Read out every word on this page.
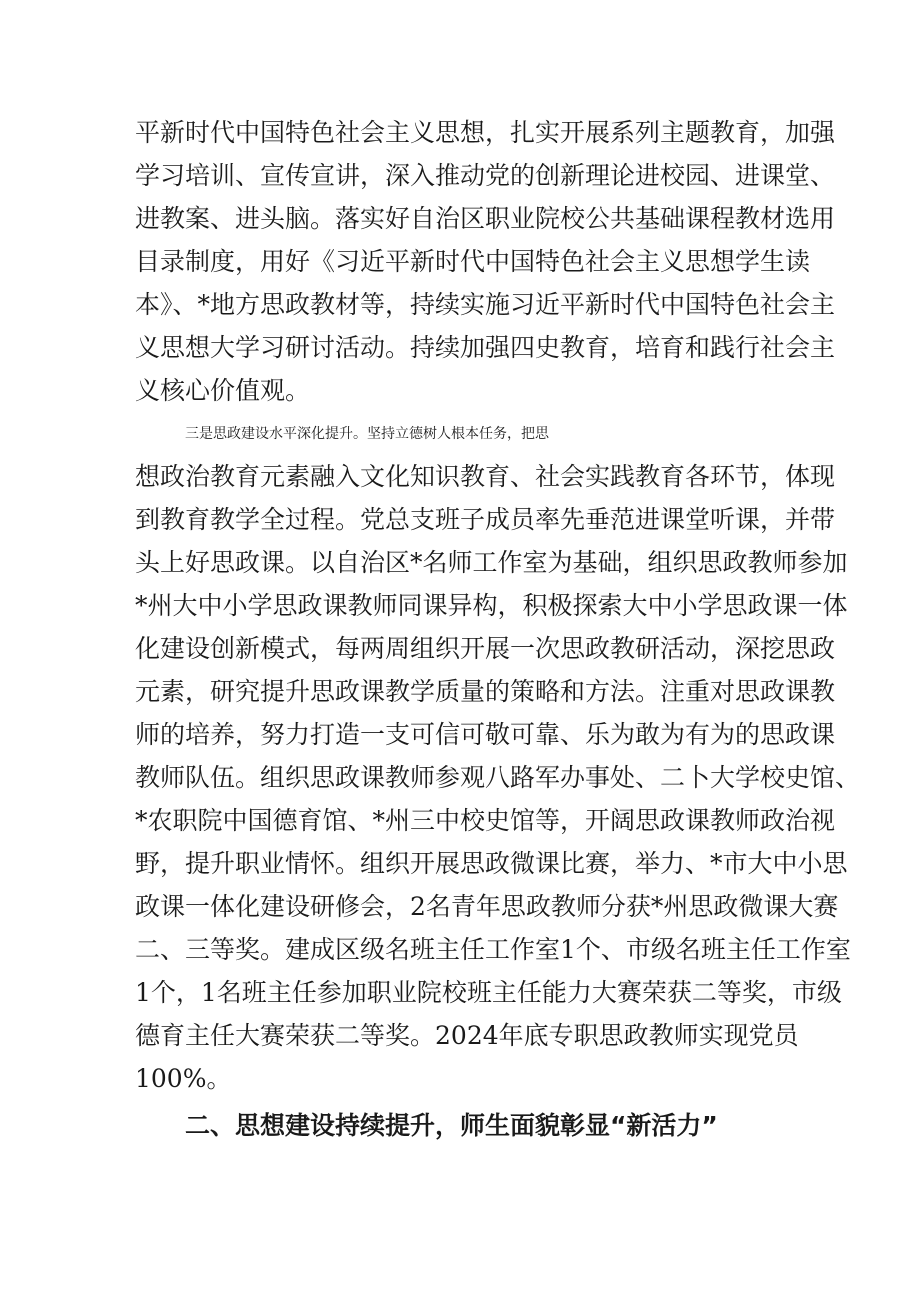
平新时代中国特色社会主义思想，扎实开展系列主题教育，加强
学习培训、宣传宣讲，深入推动党的创新理论进校园、进课堂、
进教案、进头脑。落实好自治区职业院校公共基础课程教材选用
目录制度，用好《习近平新时代中国特色社会主义思想学生读
本》、*地方思政教材等，持续实施习近平新时代中国特色社会主
义思想大学习研讨活动。持续加强四史教育，培育和践行社会主
义核心价值观。
三是思政建设水平深化提升。坚持立德树人根本任务，把思
想政治教育元素融入文化知识教育、社会实践教育各环节，体现
到教育教学全过程。党总支班子成员率先垂范进课堂听课，并带
头上好思政课。以自治区*名师工作室为基础，组织思政教师参加
*州大中小学思政课教师同课异构，积极探索大中小学思政课一体
化建设创新模式，每两周组织开展一次思政教研活动，深挖思政
元素，研究提升思政课教学质量的策略和方法。注重对思政课教
师的培养，努力打造一支可信可敬可靠、乐为敢为有为的思政课
教师队伍。组织思政课教师参观八路军办事处、二卜大学校史馆、
*农职院中国德育馆、*州三中校史馆等，开阔思政课教师政治视
野，提升职业情怀。组织开展思政微课比赛，举力、*市大中小思
政课一体化建设研修会，2名青年思政教师分获*州思政微课大赛
二、三等奖。建成区级名班主任工作室1个、市级名班主任工作室
1个，1名班主任参加职业院校班主任能力大赛荣获二等奖，市级
德育主任大赛荣获二等奖。2024年底专职思政教师实现党员
100%。
二、思想建设持续提升，师生面貌彰显“新活力”
